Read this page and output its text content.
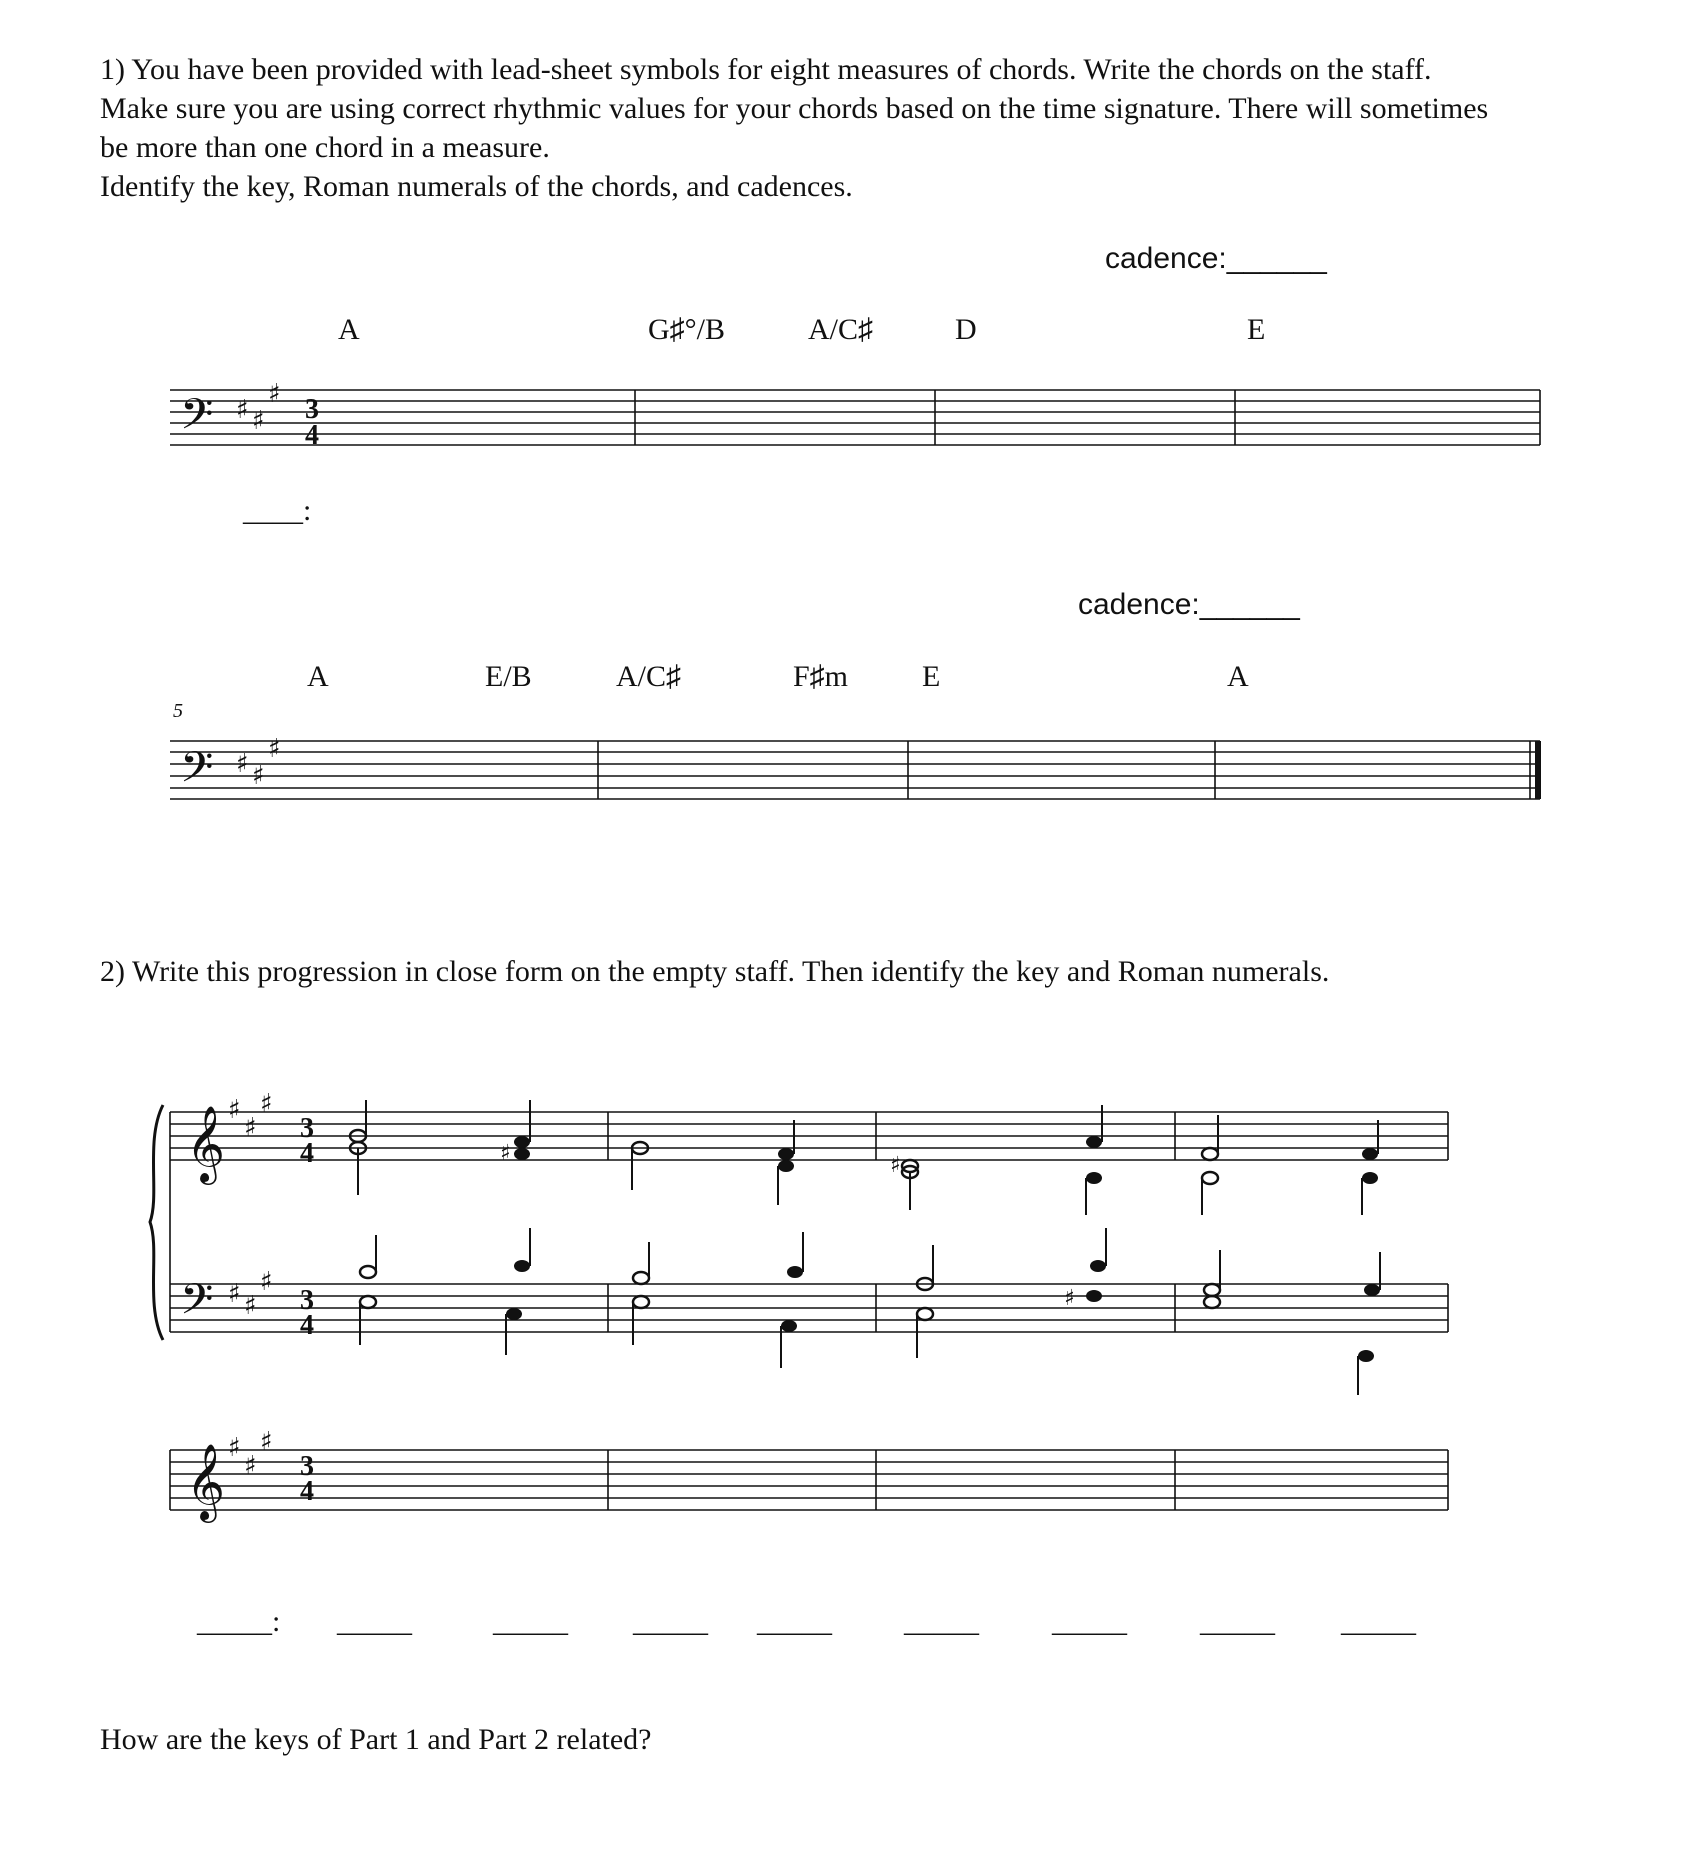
1) You have been provided with lead-sheet symbols for eight measures of chords. Write the chords on the staff.
Make sure you are using correct rhythmic values for your chords based on the time signature. There will sometimes
be more than one chord in a measure.
Identify the key, Roman numerals of the chords, and cadences.
cadence:______
A	G♯°/B	A/C♯	D	E
____:
cadence:______
A	E/B	A/C♯	F♯m E	A
5
2) Write this progression in close form on the empty staff. Then identify the key and Roman numerals.
_____: _____	_____ _____ _____ _____ _____ _____ _____
How are the keys of Part 1 and Part 2 related?
𝄢 ♯ ♯
♯ 3
4
𝄢 ♯ ♯
♯
𝄞 ♯
♯
♯
3
4
𝄢 ♯ ♯
♯
3
4
𝄞 ♯
♯
♯
3
4
♯	♯
♯
